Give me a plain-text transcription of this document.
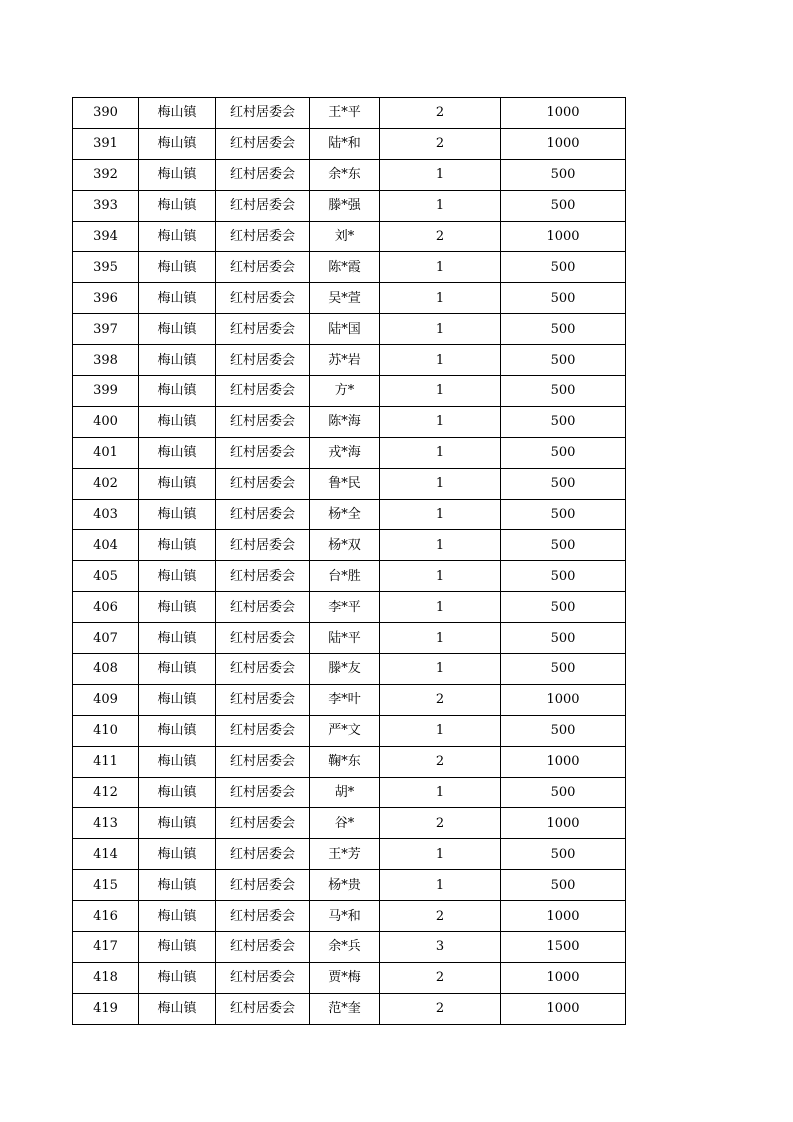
390	梅山镇	红村居委会	王*平	2	1000
391	梅山镇	红村居委会	陆*和	2	1000
392	梅山镇	红村居委会	余*东	1	500
393	梅山镇	红村居委会	滕*强	1	500
394	梅山镇	红村居委会	刘*	2	1000
395	梅山镇	红村居委会	陈*霞	1	500
396	梅山镇	红村居委会	吴*萱	1	500
397	梅山镇	红村居委会	陆*国	1	500
398	梅山镇	红村居委会	苏*岩	1	500
399	梅山镇	红村居委会	方*	1	500
400	梅山镇	红村居委会	陈*海	1	500
401	梅山镇	红村居委会	戎*海	1	500
402	梅山镇	红村居委会	鲁*民	1	500
403	梅山镇	红村居委会	杨*全	1	500
404	梅山镇	红村居委会	杨*双	1	500
405	梅山镇	红村居委会	台*胜	1	500
406	梅山镇	红村居委会	李*平	1	500
407	梅山镇	红村居委会	陆*平	1	500
408	梅山镇	红村居委会	滕*友	1	500
409	梅山镇	红村居委会	李*叶	2	1000
410	梅山镇	红村居委会	严*文	1	500
411	梅山镇	红村居委会	鞠*东	2	1000
412	梅山镇	红村居委会	胡*	1	500
413	梅山镇	红村居委会	谷*	2	1000
414	梅山镇	红村居委会	王*芳	1	500
415	梅山镇	红村居委会	杨*贵	1	500
416	梅山镇	红村居委会	马*和	2	1000
417	梅山镇	红村居委会	余*兵	3	1500
418	梅山镇	红村居委会	贾*梅	2	1000
419	梅山镇	红村居委会	范*奎	2	1000
